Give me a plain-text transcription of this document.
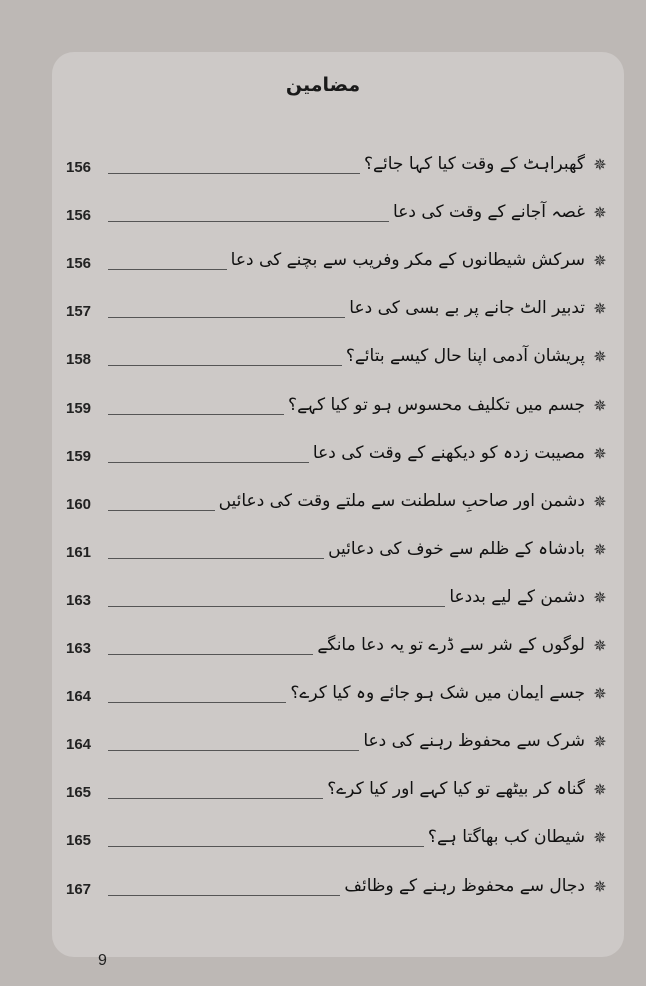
مضامین
156	گھبراہٹ کے وقت کیا کہا جائے؟ ✵
156	غصہ آجانے کے وقت کی دعا ✵
156	سرکش شیطانوں کے مکر وفریب سے بچنے کی دعا ✵
157	تدبیر الٹ جانے پر بے بسی کی دعا ✵
158	پریشان آدمی اپنا حال کیسے بتائے؟ ✵
159	جسم میں تکلیف محسوس ہو تو کیا کہے؟ ✵
159	مصیبت زدہ کو دیکھنے کے وقت کی دعا ✵
160	دشمن اور صاحبِ سلطنت سے ملتے وقت کی دعائیں ✵
161	بادشاہ کے ظلم سے خوف کی دعائیں ✵
163	دشمن کے لیے بددعا ✵
163	لوگوں کے شر سے ڈرے تو یہ دعا مانگے ✵
164	جسے ایمان میں شک ہو جائے وہ کیا کرے؟ ✵
164	شرک سے محفوظ رہنے کی دعا ✵
165	گناہ کر بیٹھے تو کیا کہے اور کیا کرے؟ ✵
165	شیطان کب بھاگتا ہے؟ ✵
167	دجال سے محفوظ رہنے کے وظائف ✵
9
